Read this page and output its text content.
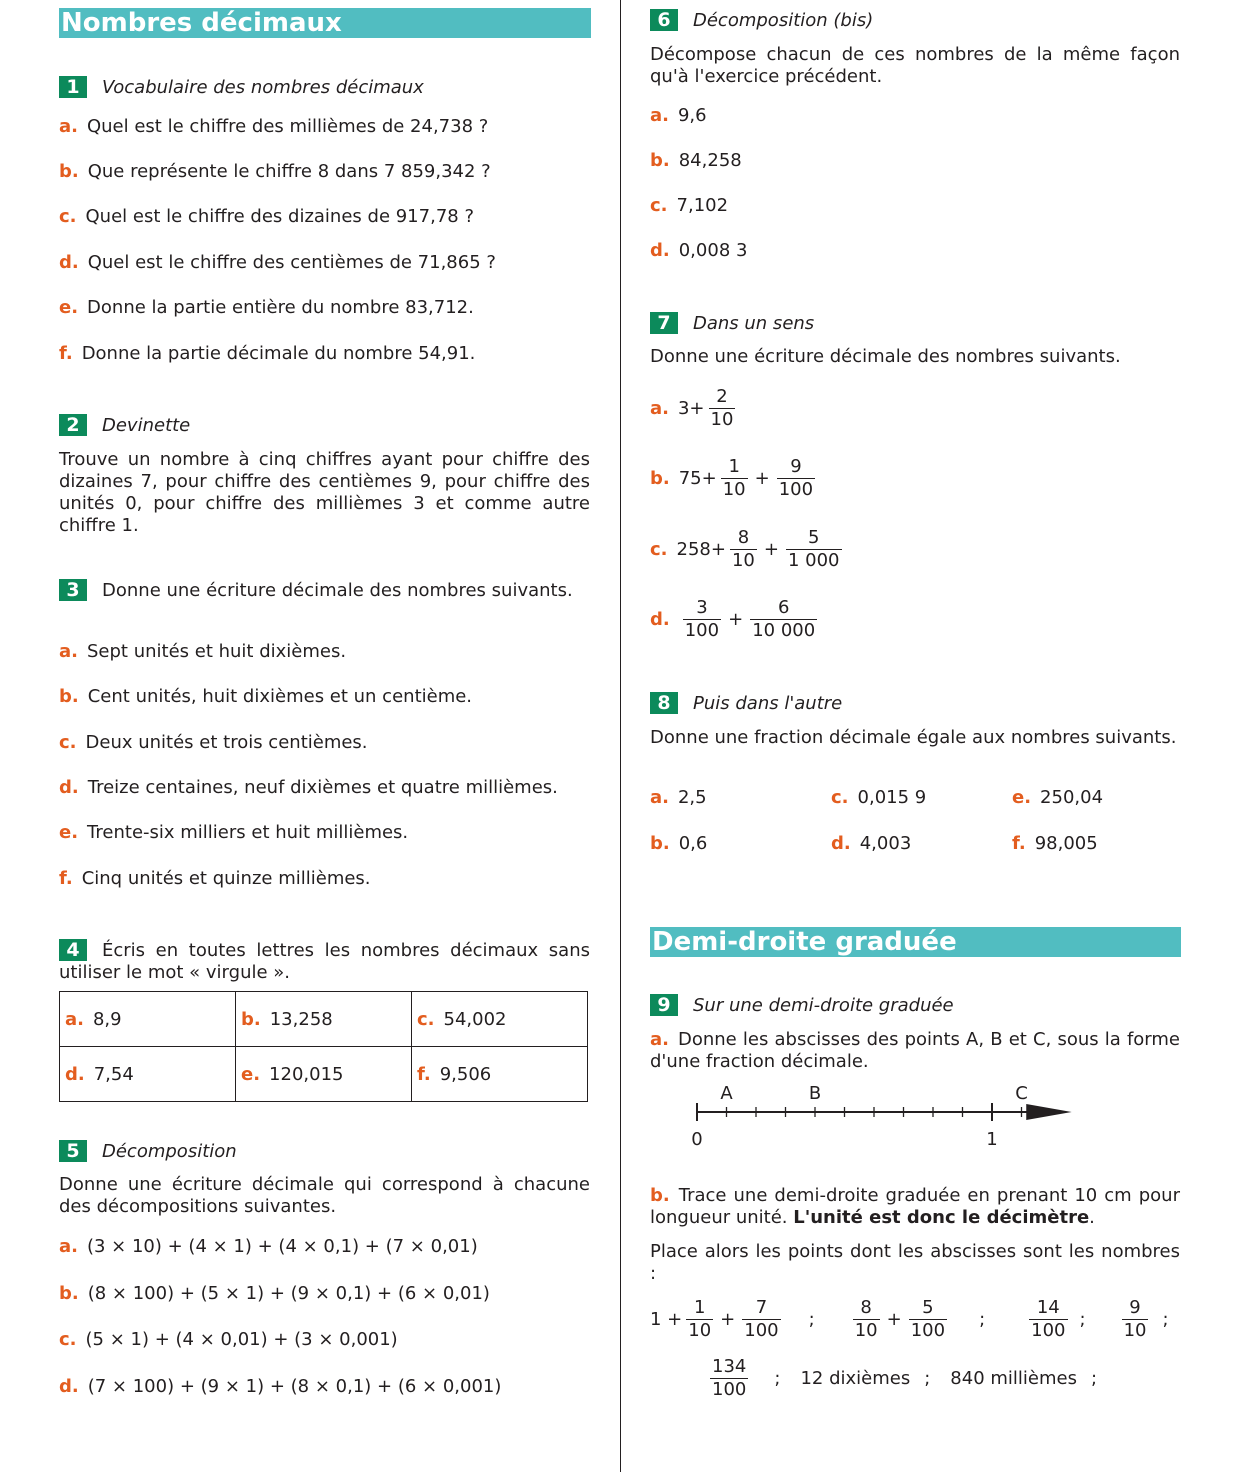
Nombres décimaux
1	Vocabulaire des nombres décimaux
a. Quel est le chiffre des millièmes de 24,738 ?
b. Que représente le chiffre 8 dans 7 859,342 ?
c. Quel est le chiffre des dizaines de 917,78 ?
d. Quel est le chiffre des centièmes de 71,865 ?
e. Donne la partie entière du nombre 83,712.
f. Donne la partie décimale du nombre 54,91.
2	Devinette
Trouve un nombre à cinq chiffres ayant pour chiffre des dizaines 7, pour chiffre des centièmes 9, pour chiffre des unités 0, pour chiffre des millièmes 3 et comme autre chiffre 1.
3 Donne une écriture décimale des nombres suivants.
a. Sept unités et huit dixièmes.
b. Cent unités, huit dixièmes et un centième.
c. Deux unités et trois centièmes.
d. Treize centaines, neuf dixièmes et quatre millièmes.
e. Trente-six milliers et huit millièmes.
f. Cinq unités et quinze millièmes.
4 Écris en toutes lettres les nombres décimaux sans utiliser le mot « virgule ».
a. 8,9	b. 13,258	c. 54,002
d. 7,54	e. 120,015	f. 9,506
5	Décomposition
Donne une écriture décimale qui correspond à chacune des décompositions suivantes.
a. (3 × 10) + (4 × 1) + (4 × 0,1) + (7 × 0,01)
b. (8 × 100) + (5 × 1) + (9 × 0,1) + (6 × 0,01)
c. (5 × 1) + (4 × 0,01) + (3 × 0,001)
d. (7 × 100) + (9 × 1) + (8 × 0,1) + (6 × 0,001)
6	Décomposition (bis)
Décompose chacun de ces nombres de la même façon qu'à l'exercice précédent.
a. 9,6
b. 84,258
c. 7,102
d. 0,008 3
7	Dans un sens
Donne une écriture décimale des nombres suivants.
a. $3+ \frac{2}{10}$
b. $75+ \frac{1}{10} + \frac{9}{100}$
c. $258+ \frac{8}{10} + \frac{5}{1 000}$
d. $\frac{3}{100} + \frac{6}{10 000}$
8	Puis dans l'autre
Donne une fraction décimale égale aux nombres suivants.
a. 2,5	c. 0,015 9	e. 250,04
b. 0,6	d. 4,003	f. 98,005
Demi-droite graduée
9	Sur une demi-droite graduée
a. Donne les abscisses des points A, B et C, sous la forme d'une fraction décimale.
0	1
A	B	C
b. Trace une demi-droite graduée en prenant 10 cm pour longueur unité. L'unité est donc le décimètre.
Place alors les points dont les abscisses sont les nombres :
$1 + \frac{1}{10} + \frac{7}{100}$ ; $\frac{8}{10} + \frac{5}{100}$ ; $\frac{14}{100}$ ; $\frac{9}{10}$ ;
$\frac{134}{100}$ ; 12 dixièmes ; 840 millièmes ;
